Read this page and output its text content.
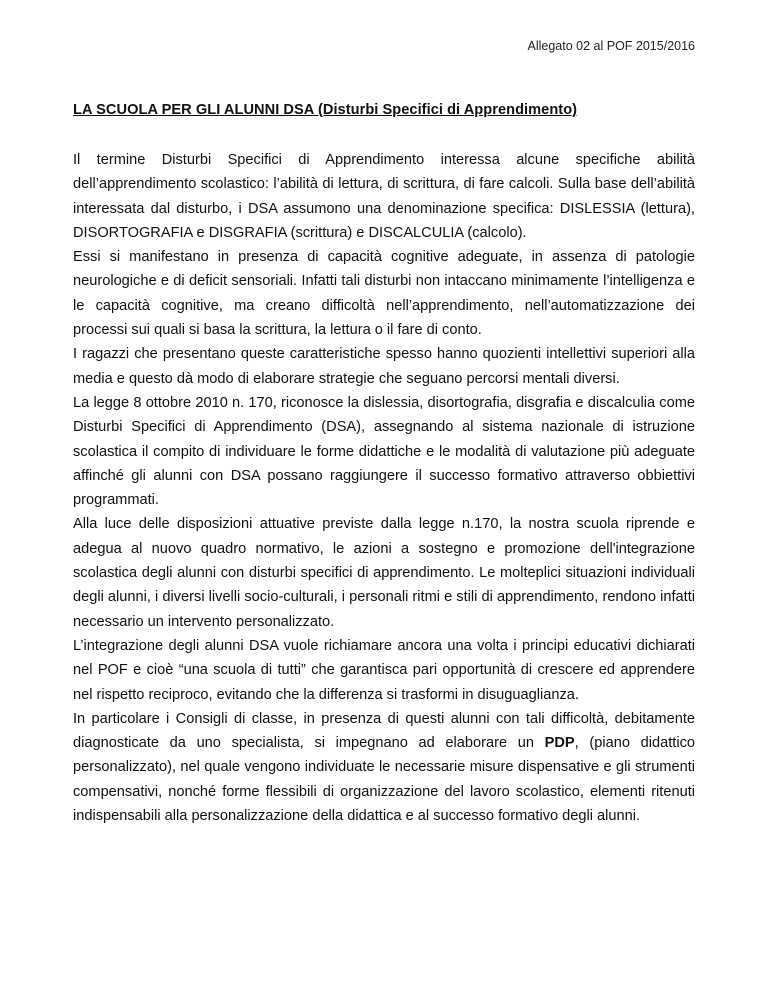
Allegato 02 al POF 2015/2016
LA SCUOLA PER GLI ALUNNI DSA (Disturbi Specifici di Apprendimento)

Il termine Disturbi Specifici di Apprendimento interessa alcune specifiche abilità dell’apprendimento scolastico: l’abilità di lettura, di scrittura, di fare calcoli. Sulla base dell’abilità interessata dal disturbo, i DSA assumono una denominazione specifica: DISLESSIA (lettura), DISORTOGRAFIA e DISGRAFIA (scrittura) e DISCALCULIA (calcolo).

Essi si manifestano in presenza di capacità cognitive adeguate, in assenza di patologie neurologiche e di deficit sensoriali. Infatti tali disturbi non intaccano minimamente l’intelligenza e le capacità cognitive, ma creano difficoltà nell’apprendimento, nell’automatizzazione dei processi sui quali si basa la scrittura, la lettura o il fare di conto.

I ragazzi che presentano queste caratteristiche spesso hanno quozienti intellettivi superiori alla media e questo dà modo di elaborare strategie che seguano percorsi mentali diversi.

La legge 8 ottobre 2010 n. 170, riconosce la dislessia, disortografia, disgrafia e discalculia come Disturbi Specifici di Apprendimento (DSA), assegnando al sistema nazionale di istruzione scolastica il compito di individuare le forme didattiche e le modalità di valutazione più adeguate affinché gli alunni con DSA possano raggiungere il successo formativo attraverso obbiettivi programmati.

Alla luce delle disposizioni attuative previste dalla legge n.170, la nostra scuola riprende e adegua al nuovo quadro normativo, le azioni a sostegno e promozione dell'integrazione scolastica degli alunni con disturbi specifici di apprendimento. Le molteplici situazioni individuali degli alunni, i diversi livelli socio-culturali, i personali ritmi e stili di apprendimento, rendono infatti necessario un intervento personalizzato.

L’integrazione degli alunni DSA vuole richiamare ancora una volta i principi educativi dichiarati nel POF e cioè “una scuola di tutti” che garantisca pari opportunità di crescere ed apprendere nel rispetto reciproco, evitando che la differenza si trasformi in disuguaglianza.

In particolare i Consigli di classe, in presenza di questi alunni con tali difficoltà, debitamente diagnosticate da uno specialista, si impegnano ad elaborare un PDP, (piano didattico personalizzato), nel quale vengono individuate le necessarie misure dispensative e gli strumenti compensativi, nonché forme flessibili di organizzazione del lavoro scolastico, elementi ritenuti indispensabili alla personalizzazione della didattica e al successo formativo degli alunni.
